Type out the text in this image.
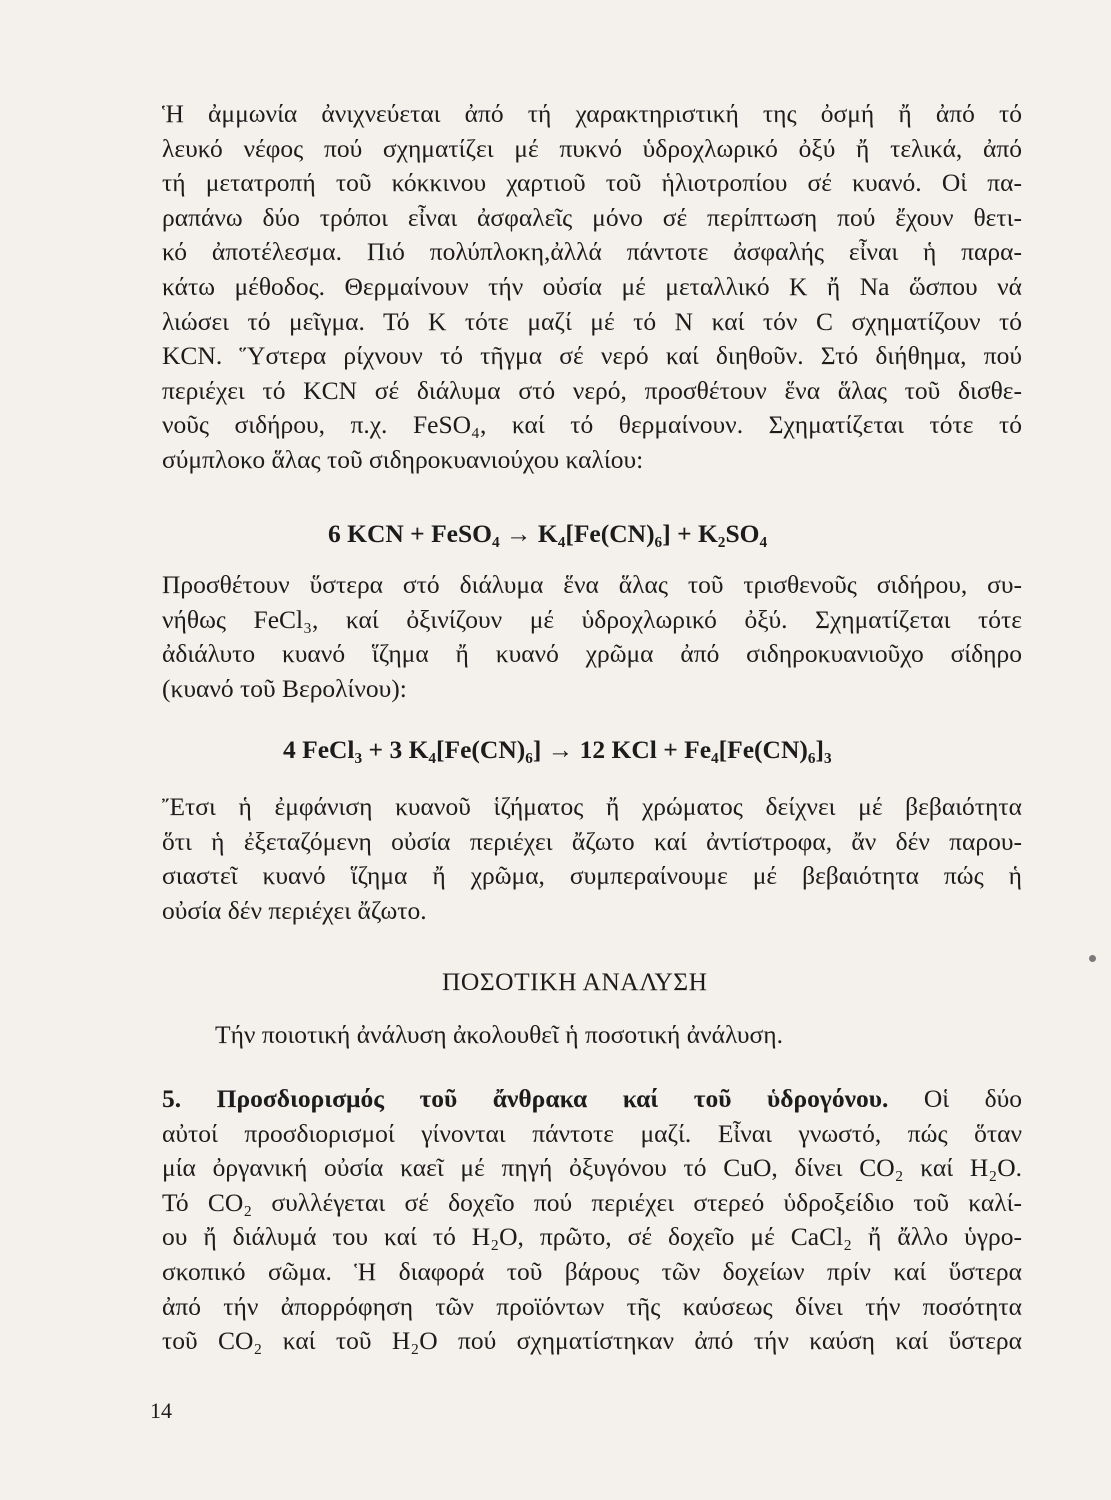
Ἡ ἀμμωνία ἀνιχνεύεται ἀπό τή χαρακτηριστική της ὀσμή ἤ ἀπό τό
λευκό νέφος πού σχηματίζει μέ πυκνό ὑδροχλωρικό ὀξύ ἤ τελικά, ἀπό
τή μετατροπή τοῦ κόκκινου χαρτιοῦ τοῦ ἡλιοτροπίου σέ κυανό. Οἱ πα-
ραπάνω δύο τρόποι εἶναι ἀσφαλεῖς μόνο σέ περίπτωση πού ἔχουν θετι-
κό ἀποτέλεσμα. Πιό πολύπλοκη,ἀλλά πάντοτε ἀσφαλής εἶναι ἡ παρα-
κάτω μέθοδος. Θερμαίνουν τήν οὐσία μέ μεταλλικό Κ ἤ Na ὥσπου νά
λιώσει τό μεῖγμα. Τό Κ τότε μαζί μέ τό Ν καί τόν C σχηματίζουν τό
KCN. Ὕστερα ρίχνουν τό τῆγμα σέ νερό καί διηθοῦν. Στό διήθημα, πού
περιέχει τό KCN σέ διάλυμα στό νερό, προσθέτουν ἕνα ἅλας τοῦ δισθε-
νοῦς σιδήρου, π.χ. FeSO₄, καί τό θερμαίνουν. Σχηματίζεται τότε τό
σύμπλοκο ἅλας τοῦ σιδηροκυανιούχου καλίου:
6 KCN + FeSO₄ → K₄[Fe(CN)₆] + K₂SO₄
Προσθέτουν ὕστερα στό διάλυμα ἕνα ἅλας τοῦ τρισθενοῦς σιδήρου, συ-
νήθως FeCl₃, καί ὀξινίζουν μέ ὑδροχλωρικό ὀξύ. Σχηματίζεται τότε
ἀδιάλυτο κυανό ἵζημα ἤ κυανό χρῶμα ἀπό σιδηροκυανιοῦχο σίδηρο
(κυανό τοῦ Βερολίνου):
4 FeCl₃ + 3 K₄[Fe(CN)₆] → 12 KCl + Fe₄[Fe(CN)₆]₃
Ἔτσι ἡ ἐμφάνιση κυανοῦ ἱζήματος ἤ χρώματος δείχνει μέ βεβαιότητα
ὅτι ἡ ἐξεταζόμενη οὐσία περιέχει ἄζωτο καί ἀντίστροφα, ἄν δέν παρου-
σιαστεῖ κυανό ἵζημα ἤ χρῶμα, συμπεραίνουμε μέ βεβαιότητα πώς ἡ
οὐσία δέν περιέχει ἄζωτο.
ΠΟΣΟΤΙΚΗ ΑΝΑΛΥΣΗ
Τήν ποιοτική ἀνάλυση ἀκολουθεῖ ἡ ποσοτική ἀνάλυση.
5. Προσδιορισμός τοῦ ἄνθρακα καί τοῦ ὑδρογόνου. Οἱ δύο
αὐτοί προσδιορισμοί γίνονται πάντοτε μαζί. Εἶναι γνωστό, πώς ὅταν
μία ὀργανική οὐσία καεῖ μέ πηγή ὀξυγόνου τό CuO, δίνει CO₂ καί H₂O.
Τό CO₂ συλλέγεται σέ δοχεῖο πού περιέχει στερεό ὑδροξείδιο τοῦ καλί-
ου ἤ διάλυμά του καί τό H₂O, πρῶτο, σέ δοχεῖο μέ CaCl₂ ἤ ἄλλο ὑγρο-
σκοπικό σῶμα. Ἡ διαφορά τοῦ βάρους τῶν δοχείων πρίν καί ὕστερα
ἀπό τήν ἀπορρόφηση τῶν προϊόντων τῆς καύσεως δίνει τήν ποσότητα
τοῦ CO₂ καί τοῦ H₂O πού σχηματίστηκαν ἀπό τήν καύση καί ὕστερα
14
